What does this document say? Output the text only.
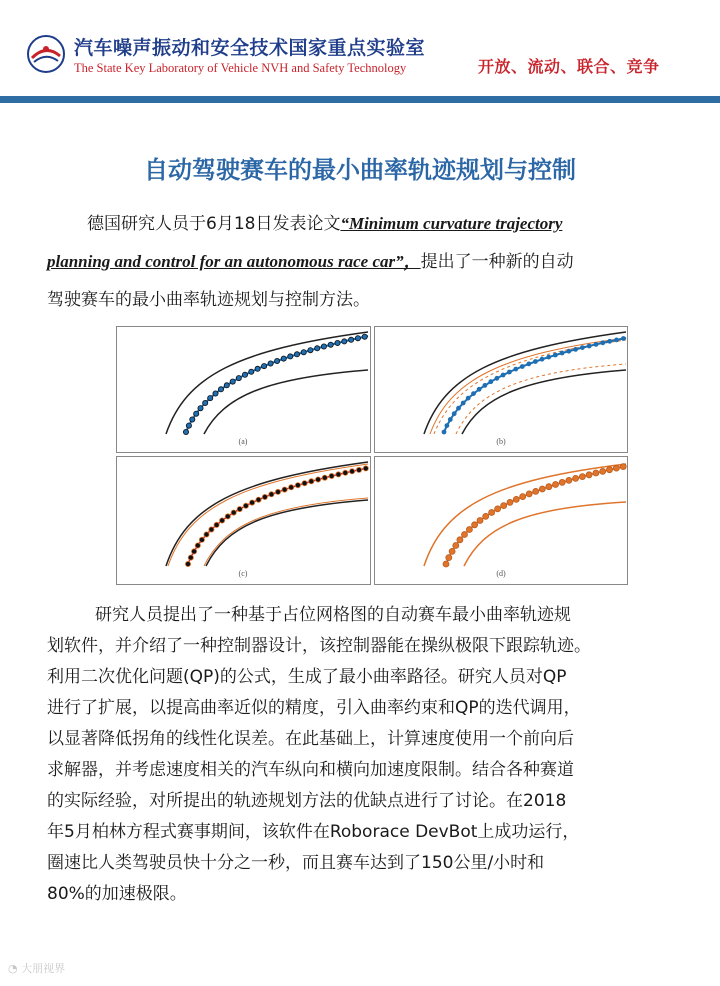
汽车噪声振动和安全技术国家重点实验室
The State Key Laboratory of Vehicle NVH and Safety Technology	开放、流动、联合、竞争
自动驾驶赛车的最小曲率轨迹规划与控制
德国研究人员于6月18日发表论文“Minimum curvature trajectory
planning and control for an autonomous race car”，提出了一种新的自动
驾驶赛车的最小曲率轨迹规划与控制方法。
(a)	(b)
(c)	(d)
研究人员提出了一种基于占位网格图的自动赛车最小曲率轨迹规
划软件，并介绍了一种控制器设计，该控制器能在操纵极限下跟踪轨迹。
利用二次优化问题(QP)的公式，生成了最小曲率路径。研究人员对QP
进行了扩展，以提高曲率近似的精度，引入曲率约束和QP的迭代调用，
以显著降低拐角的线性化误差。在此基础上，计算速度使用一个前向后
求解器，并考虑速度相关的汽车纵向和横向加速度限制。结合各种赛道
的实际经验，对所提出的轨迹规划方法的优缺点进行了讨论。在2018
年5月柏林方程式赛事期间，该软件在Roborace DevBot上成功运行，
圈速比人类驾驶员快十分之一秒，而且赛车达到了150公里/小时和
80%的加速极限。
◔ 大朋视界
